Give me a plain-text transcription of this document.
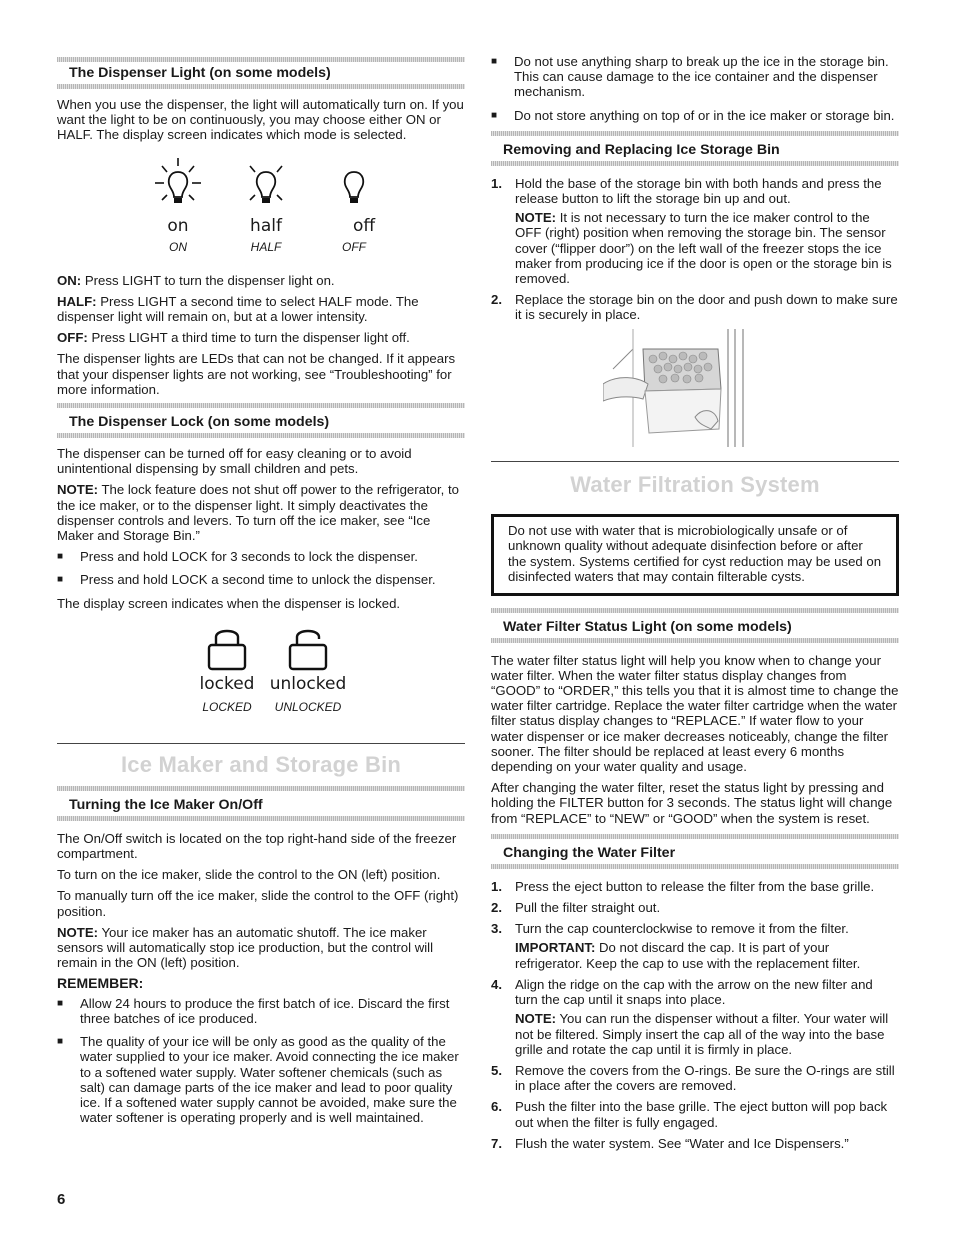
The Dispenser Light (on some models)

When you use the dispenser, the light will automatically turn on. If you want the light to be on continuously, you may choose either ON or HALF. The display screen indicates which mode is selected.

on
ON
half
HALF
off
OFF

ON: Press LIGHT to turn the dispenser light on.

HALF: Press LIGHT a second time to select HALF mode. The dispenser light will remain on, but at a lower intensity.

OFF: Press LIGHT a third time to turn the dispenser light off.

The dispenser lights are LEDs that can not be changed. If it appears that your dispenser lights are not working, see “Troubleshooting” for more information.

The Dispenser Lock (on some models)

The dispenser can be turned off for easy cleaning or to avoid unintentional dispensing by small children and pets.

NOTE: The lock feature does not shut off power to the refrigerator, to the ice maker, or to the dispenser light. It simply deactivates the dispenser controls and levers. To turn off the ice maker, see “Ice Maker and Storage Bin.”

■ Press and hold LOCK for 3 seconds to lock the dispenser.
■ Press and hold LOCK a second time to unlock the dispenser.

The display screen indicates when the dispenser is locked.

locked
LOCKED
unlocked
UNLOCKED
Ice Maker and Storage Bin
Turning the Ice Maker On/Off

The On/Off switch is located on the top right-hand side of the freezer compartment.

To turn on the ice maker, slide the control to the ON (left) position.

To manually turn off the ice maker, slide the control to the OFF (right) position.

NOTE: Your ice maker has an automatic shutoff. The ice maker sensors will automatically stop ice production, but the control will remain in the ON (left) position.

REMEMBER:
■ Allow 24 hours to produce the first batch of ice. Discard the first three batches of ice produced.
■ The quality of your ice will be only as good as the quality of the water supplied to your ice maker. Avoid connecting the ice maker to a softened water supply. Water softener chemicals (such as salt) can damage parts of the ice maker and lead to poor quality ice. If a softened water supply cannot be avoided, make sure the water softener is operating properly and is well maintained.
■ Do not use anything sharp to break up the ice in the storage bin. This can cause damage to the ice container and the dispenser mechanism.
■ Do not store anything on top of or in the ice maker or storage bin.
Removing and Replacing Ice Storage Bin
1. Hold the base of the storage bin with both hands and press the release button to lift the storage bin up and out.

NOTE: It is not necessary to turn the ice maker control to the OFF (right) position when removing the storage bin. The sensor cover (“flipper door”) on the left wall of the freezer stops the ice maker from producing ice if the door is open or the storage bin is removed.

2. Replace the storage bin on the door and push down to make sure it is securely in place.

Water Filtration System

Do not use with water that is microbiologically unsafe or of unknown quality without adequate disinfection before or after the system. Systems certified for cyst reduction may be used on disinfected waters that may contain filterable cysts.

Water Filter Status Light (on some models)

The water filter status light will help you know when to change your water filter. When the water filter status display changes from “GOOD” to “ORDER,” this tells you that it is almost time to change the water filter cartridge. Replace the water filter cartridge when the water filter status display changes to “REPLACE.” If water flow to your water dispenser or ice maker decreases noticeably, change the filter sooner. The filter should be replaced at least every 6 months depending on your water quality and usage.

After changing the water filter, reset the status light by pressing and holding the FILTER button for 3 seconds. The status light will change from “REPLACE” to “NEW” or “GOOD” when the system is reset.

Changing the Water Filter
1. Press the eject button to release the filter from the base grille.

2. Pull the filter straight out.

3. Turn the cap counterclockwise to remove it from the filter.

IMPORTANT: Do not discard the cap. It is part of your refrigerator. Keep the cap to use with the replacement filter.

4. Align the ridge on the cap with the arrow on the new filter and turn the cap until it snaps into place.

NOTE: You can run the dispenser without a filter. Your water will not be filtered. Simply insert the cap all of the way into the base grille and rotate the cap until it is firmly in place.

5. Remove the covers from the O-rings. Be sure the O-rings are still in place after the covers are removed.

6. Push the filter into the base grille. The eject button will pop back out when the filter is fully engaged.

7. Flush the water system. See “Water and Ice Dispensers.”

6
